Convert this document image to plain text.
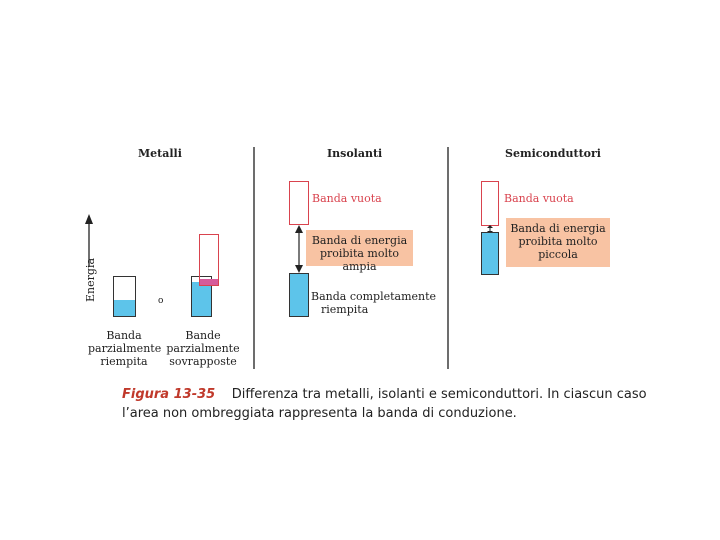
Metalli	Insolanti	Semiconduttori
Energia
Banda
parzialmente
riempita
o
Bande
parzialmente
sovrapposte
Banda vuota
Banda di energia
proibita molto ampia
Banda completamente
riempita
Banda vuota
Banda di energia
proibita molto
piccola
Figura 13-35 Differenza tra metalli, isolanti e semiconduttori. In ciascun caso
l’area non ombreggiata rappresenta la banda di conduzione.
